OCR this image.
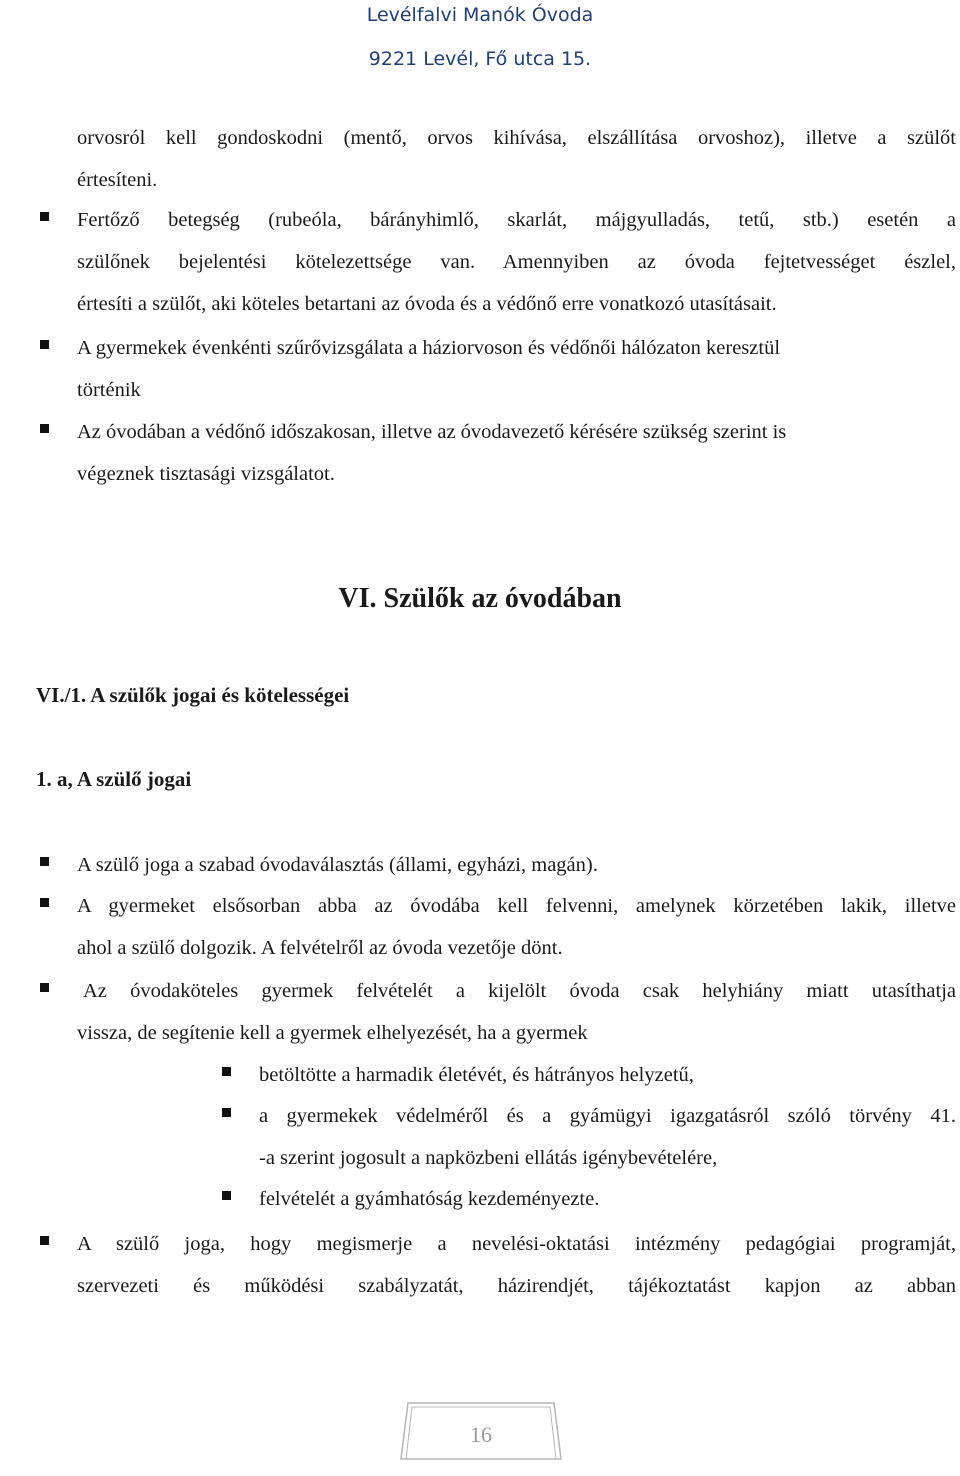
Levélfalvi Manók Óvoda
9221 Levél, Fő utca 15.
orvosról kell gondoskodni (mentő, orvos kihívása, elszállítása orvoshoz), illetve a szülőt
értesíteni.
Fertőző betegség (rubeóla, bárányhimlő, skarlát, májgyulladás, tetű, stb.) esetén a
szülőnek bejelentési kötelezettsége van. Amennyiben az óvoda fejtetvességet észlel,
értesíti a szülőt, aki köteles betartani az óvoda és a védőnő erre vonatkozó utasításait.
A gyermekek évenkénti szűrővizsgálata a háziorvoson és védőnői hálózaton keresztül
történik
Az óvodában a védőnő időszakosan, illetve az óvodavezető kérésére szükség szerint is
végeznek tisztasági vizsgálatot.
VI. Szülők az óvodában
VI./1. A szülők jogai és kötelességei
1. a, A szülő jogai
A szülő joga a szabad óvodaválasztás (állami, egyházi, magán).
A gyermeket elsősorban abba az óvodába kell felvenni, amelynek körzetében lakik, illetve
ahol a szülő dolgozik. A felvételről az óvoda vezetője dönt.
Az óvodaköteles gyermek felvételét a kijelölt óvoda csak helyhiány miatt utasíthatja
vissza, de segítenie kell a gyermek elhelyezését, ha a gyermek
betöltötte a harmadik életévét, és hátrányos helyzetű,
a gyermekek védelméről és a gyámügyi igazgatásról szóló törvény 41.
-a szerint jogosult a napközbeni ellátás igénybevételére,
felvételét a gyámhatóság kezdeményezte.
A szülő joga, hogy megismerje a nevelési-oktatási intézmény pedagógiai programját,
szervezeti és működési szabályzatát, házirendjét, tájékoztatást kapjon az abban
16
